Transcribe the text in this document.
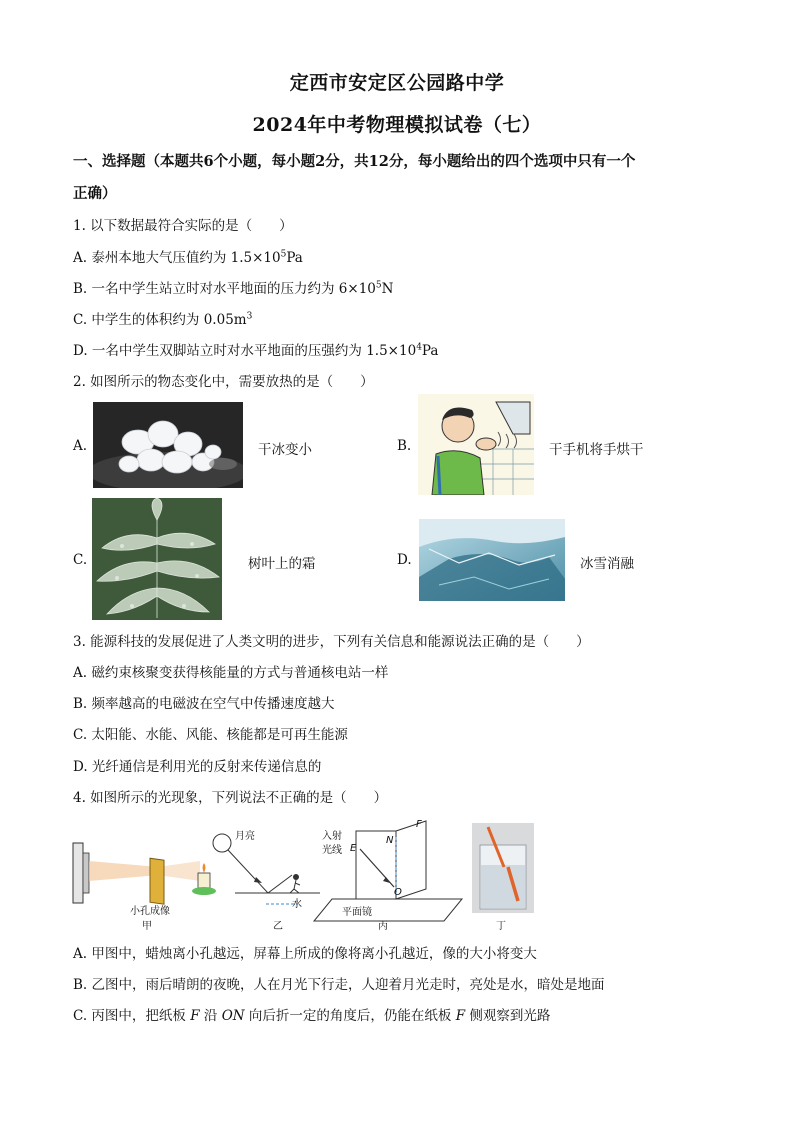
定西市安定区公园路中学
2024年中考物理模拟试卷（七）
一、选择题（本题共6个小题，每小题2分，共12分，每小题给出的四个选项中只有一个
正确）
1. 以下数据最符合实际的是（　　）
A. 泰州本地大气压值约为 $1.5\times 10^5Pa$
B. 一名中学生站立时对水平地面的压力约为 $6\times 10^5N$
C. 中学生的体积约为 $0.05m^3$
D. 一名中学生双脚站立时对水平地面的压强约为 $1.5\times 10^4Pa$
2. 如图所示的物态变化中，需要放热的是（　　）
A.	干冰变小	B.	干手机将手烘干
C.	树叶上的霜	D.	冰雪消融
3. 能源科技的发展促进了人类文明的进步，下列有关信息和能源说法正确的是（　　）
A. 磁约束核聚变获得核能量的方式与普通核电站一样
B. 频率越高的电磁波在空气中传播速度越大
C. 太阳能、水能、风能、核能都是可再生能源
D. 光纤通信是利用光的反射来传递信息的
4. 如图所示的光现象，下列说法不正确的是（　　）
小孔成像
甲
月亮
水
乙
入射
光线 E
N
F
O
平面镜
丙	丁
A. 甲图中，蜡烛离小孔越远，屏幕上所成的像将离小孔越近，像的大小将变大
B. 乙图中，雨后晴朗的夜晚，人在月光下行走，人迎着月光走时，亮处是水，暗处是地面
C. 丙图中，把纸板 F 沿 ON 向后折一定的角度后，仍能在纸板 F 侧观察到光路
